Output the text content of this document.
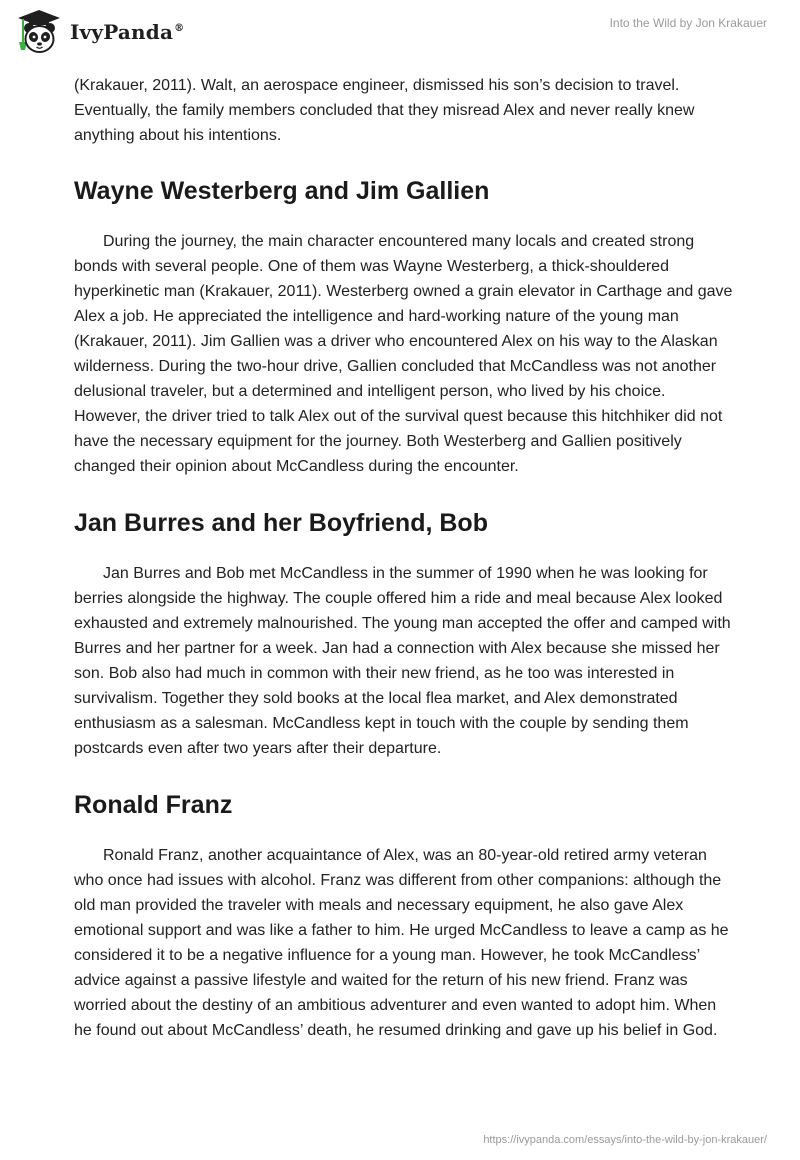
IvyPanda®	Into the Wild by Jon Krakauer

(Krakauer, 2011). Walt, an aerospace engineer, dismissed his son’s decision to travel. Eventually, the family members concluded that they misread Alex and never really knew anything about his intentions.

Wayne Westerberg and Jim Gallien

During the journey, the main character encountered many locals and created strong bonds with several people. One of them was Wayne Westerberg, a thick-shouldered hyperkinetic man (Krakauer, 2011). Westerberg owned a grain elevator in Carthage and gave Alex a job. He appreciated the intelligence and hard-working nature of the young man (Krakauer, 2011). Jim Gallien was a driver who encountered Alex on his way to the Alaskan wilderness. During the two-hour drive, Gallien concluded that McCandless was not another delusional traveler, but a determined and intelligent person, who lived by his choice. However, the driver tried to talk Alex out of the survival quest because this hitchhiker did not have the necessary equipment for the journey. Both Westerberg and Gallien positively changed their opinion about McCandless during the encounter.

Jan Burres and her Boyfriend, Bob

Jan Burres and Bob met McCandless in the summer of 1990 when he was looking for berries alongside the highway. The couple offered him a ride and meal because Alex looked exhausted and extremely malnourished. The young man accepted the offer and camped with Burres and her partner for a week. Jan had a connection with Alex because she missed her son. Bob also had much in common with their new friend, as he too was interested in survivalism. Together they sold books at the local flea market, and Alex demonstrated enthusiasm as a salesman. McCandless kept in touch with the couple by sending them postcards even after two years after their departure.

Ronald Franz

Ronald Franz, another acquaintance of Alex, was an 80-year-old retired army veteran who once had issues with alcohol. Franz was different from other companions: although the old man provided the traveler with meals and necessary equipment, he also gave Alex emotional support and was like a father to him. He urged McCandless to leave a camp as he considered it to be a negative influence for a young man. However, he took McCandless’ advice against a passive lifestyle and waited for the return of his new friend. Franz was worried about the destiny of an ambitious adventurer and even wanted to adopt him. When he found out about McCandless’ death, he resumed drinking and gave up his belief in God.

https://ivypanda.com/essays/into-the-wild-by-jon-krakauer/
